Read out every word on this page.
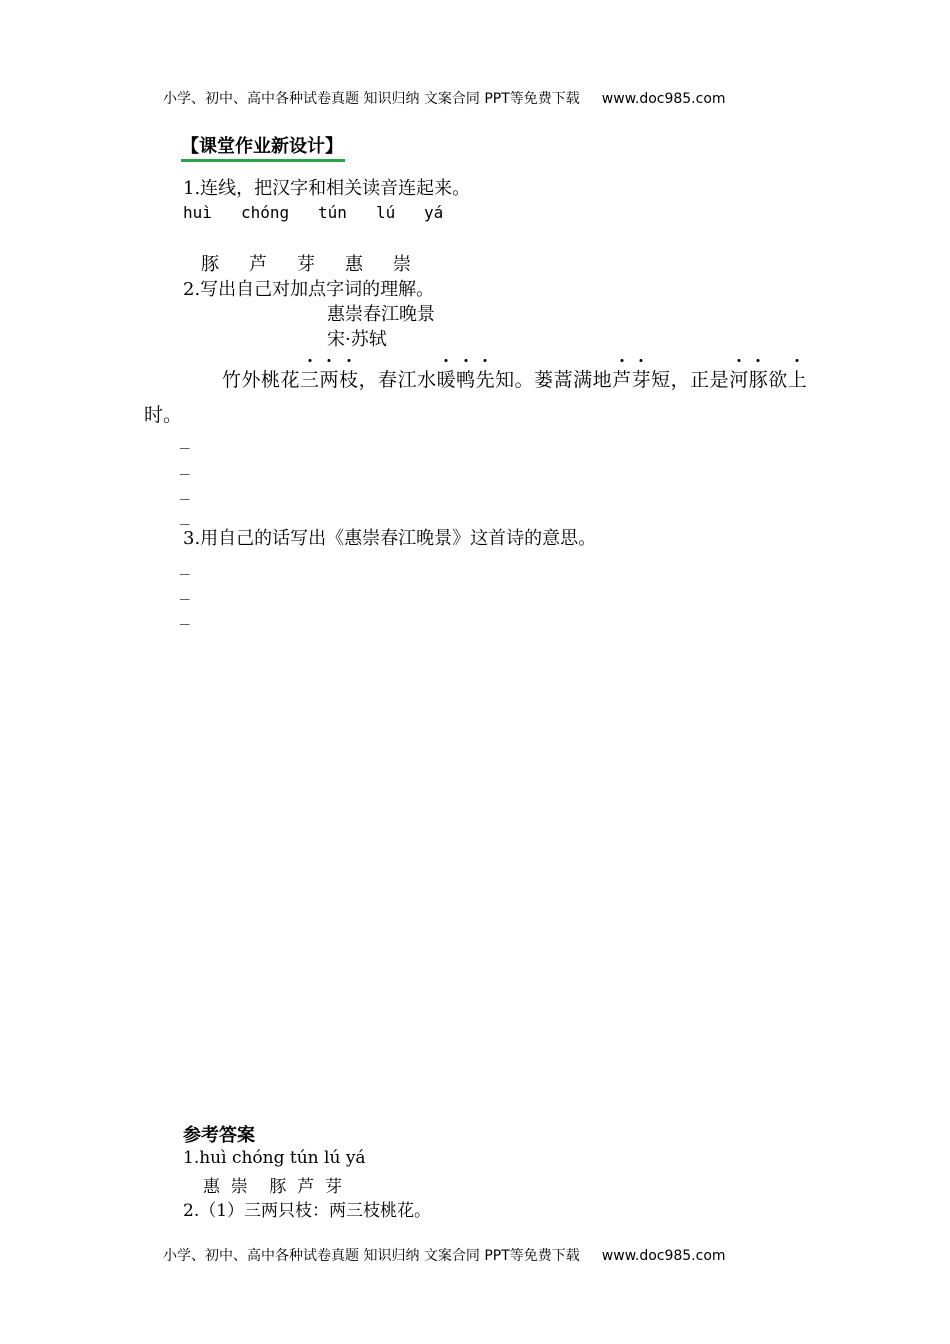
小学、初中、高中各种试卷真题 知识归纳 文案合同 PPT等免费下载 www.doc985.com
【课堂作业新设计】
1.连线，把汉字和相关读音连起来。
huì chóng tún lú yá
豚 芦 芽 惠 崇
2.写出自己对加点字词的理解。
惠崇春江晚景
宋·苏轼
竹外桃花三两枝，春江水暖鸭先知。蒌蒿满地芦芽短，正是河豚欲上
时。
_
_
_
_
3.用自己的话写出《惠崇春江晚景》这首诗的意思。
_
_
_
参考答案
1.huì chóng tún lú yá
惠  崇    豚  芦  芽
2.（1）三两只枝：两三枝桃花。
小学、初中、高中各种试卷真题 知识归纳 文案合同 PPT等免费下载 www.doc985.com
